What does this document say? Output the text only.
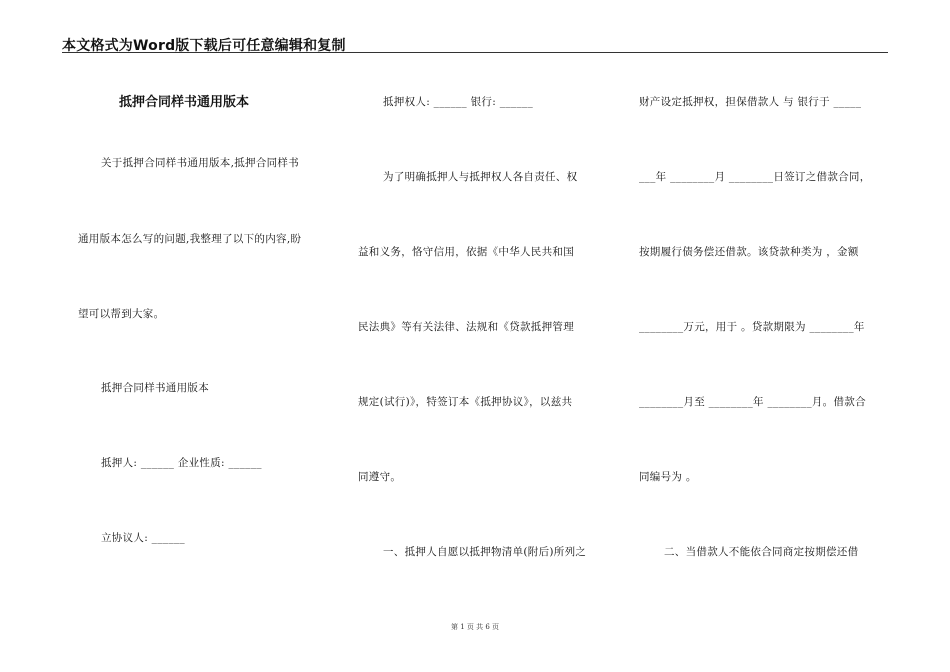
本文格式为Word版下载后可任意编辑和复制
抵押合同样书通用版本
关于抵押合同样书通用版本,抵押合同样书
通用版本怎么写的问题,我整理了以下的内容,盼
望可以帮到大家。
抵押合同样书通用版本
抵押人: ______ 企业性质: ______
立协议人: ______
抵押权人: ______ 银行: ______
为了明确抵押人与抵押权人各自责任、权
益和义务，恪守信用，依据《中华人民共和国
民法典》等有关法律、法规和《贷款抵押管理
规定(试行)》，特签订本《抵押协议》，以兹共
同遵守。
一、抵押人自愿以抵押物清单(附后)所列之
财产设定抵押权，担保借款人 与 银行于 _____
___年 ________月 ________日签订之借款合同，
按期履行债务偿还借款。该贷款种类为 ，金额
________万元，用于 。贷款期限为 ________年
________月至 ________年 ________月。借款合
同编号为 。
二、当借款人不能依合同商定按期偿还借
第 1 页 共 6 页
